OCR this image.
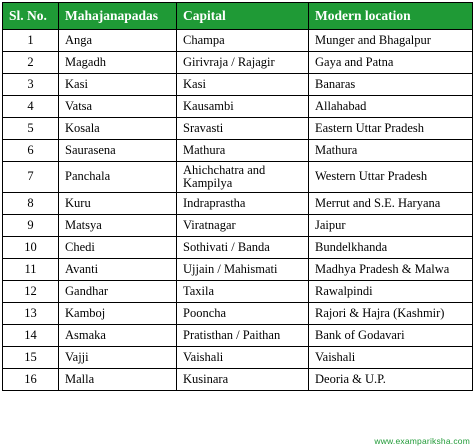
Sl. No.	Mahajanapadas	Capital	Modern location
1	Anga	Champa	Munger and Bhagalpur
2	Magadh	Girivraja / Rajagir	Gaya and Patna
3	Kasi	Kasi	Banaras
4	Vatsa	Kausambi	Allahabad
5	Kosala	Sravasti	Eastern Uttar Pradesh
6	Saurasena	Mathura	Mathura
7	Panchala	Ahichchatra and Kampilya	Western Uttar Pradesh
8	Kuru	Indraprastha	Merrut and S.E. Haryana
9	Matsya	Viratnagar	Jaipur
10	Chedi	Sothivati / Banda	Bundelkhanda
11	Avanti	Ujjain / Mahismati	Madhya Pradesh & Malwa
12	Gandhar	Taxila	Rawalpindi
13	Kamboj	Pooncha	Rajori & Hajra (Kashmir)
14	Asmaka	Pratisthan / Paithan	Bank of Godavari
15	Vajji	Vaishali	Vaishali
16	Malla	Kusinara	Deoria & U.P.
www.exampariksha.com
